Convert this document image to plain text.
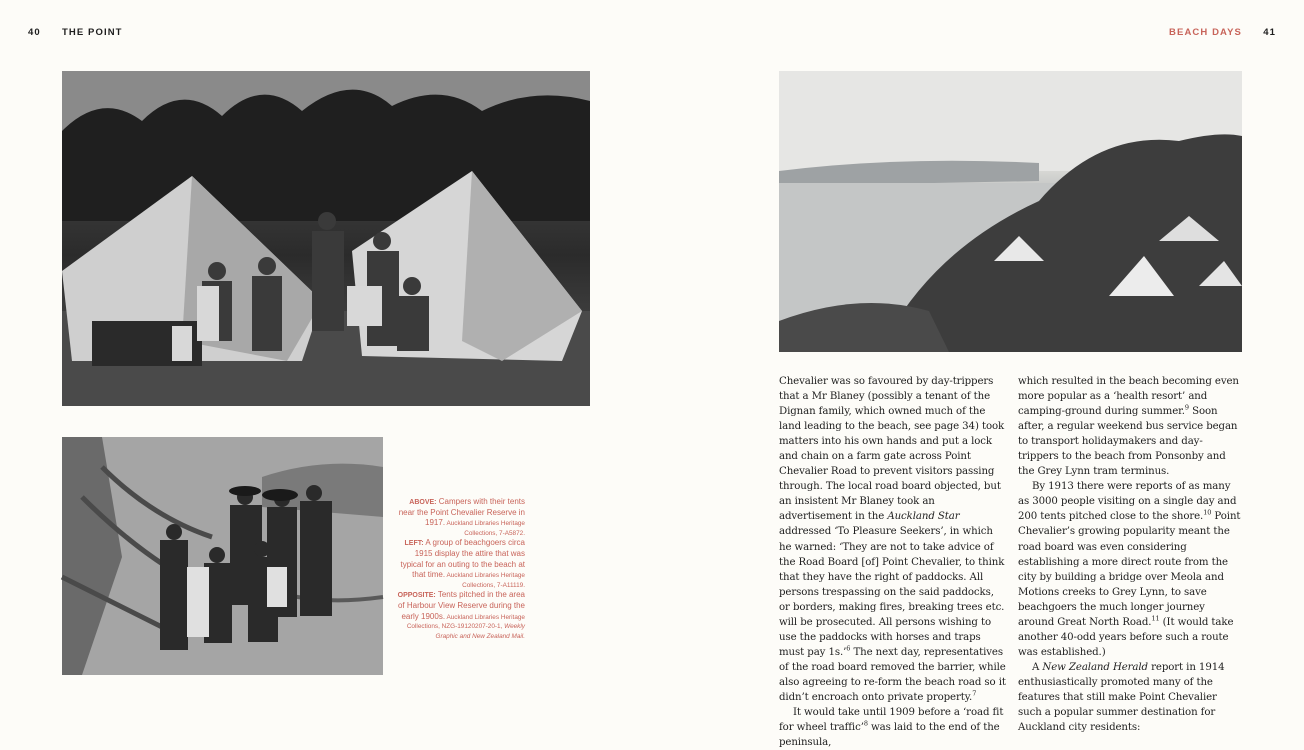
40 THE POINT	BEACH DAYS 41
ABOVE: Campers with their tents near the Point Chevalier Reserve in 1917. Auckland Libraries Heritage Collections, 7-A5872.
LEFT: A group of beachgoers circa 1915 display the attire that was typical for an outing to the beach at that time. Auckland Libraries Heritage Collections, 7-A11119.
OPPOSITE: Tents pitched in the area of Harbour View Reserve during the early 1900s. Auckland Libraries Heritage Collections, NZG-19120207-20-1, Weekly Graphic and New Zealand Mail.

Chevalier was so favoured by day-trippers that a Mr Blaney (possibly a tenant of the Dignan family, which owned much of the land leading to the beach, see page 34) took matters into his own hands and put a lock and chain on a farm gate across Point Chevalier Road to prevent visitors passing through. The local road board objected, but an insistent Mr Blaney took an advertisement in the Auckland Star addressed ‘To Pleasure Seekers’, in which he warned: ‘They are not to take advice of the Road Board [of] Point Chevalier, to think that they have the right of paddocks. All persons trespassing on the said paddocks, or borders, making fires, breaking trees etc. will be prosecuted. All persons wishing to use the paddocks with horses and traps must pay 1s.’$^6$ The next day, representatives of the road board removed the barrier, while also agreeing to re-form the beach road so it didn’t encroach onto private property.$^7$

It would take until 1909 before a ‘road fit for wheel traffic’$^8$ was laid to the end of the peninsula,

which resulted in the beach becoming even more popular as a ‘health resort’ and camping-ground during summer.$^9$ Soon after, a regular weekend bus service began to transport holidaymakers and day-trippers to the beach from Ponsonby and the Grey Lynn tram terminus.

By 1913 there were reports of as many as 3000 people visiting on a single day and 200 tents pitched close to the shore.$^{10}$ Point Chevalier’s growing popularity meant the road board was even considering establishing a more direct route from the city by building a bridge over Meola and Motions creeks to Grey Lynn, to save beachgoers the much longer journey around Great North Road.$^{11}$ (It would take another 40-odd years before such a route was established.)

A New Zealand Herald report in 1914 enthusiastically promoted many of the features that still make Point Chevalier such a popular summer destination for Auckland city residents:
